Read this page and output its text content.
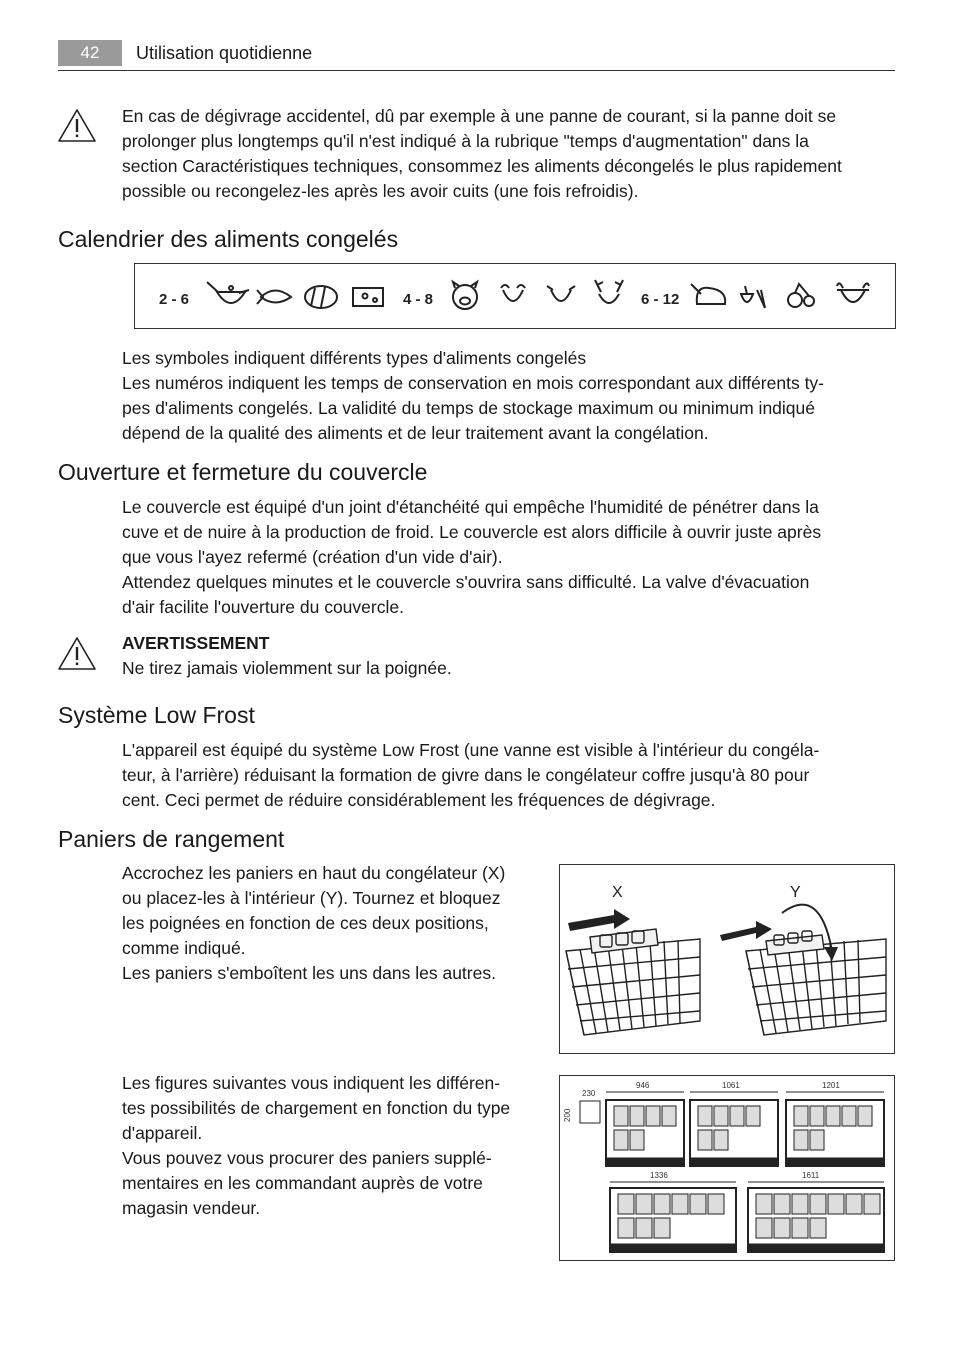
42	Utilisation quotidienne
En cas de dégivrage accidentel, dû par exemple à une panne de courant, si la panne doit se
prolonger plus longtemps qu'il n'est indiqué à la rubrique "temps d'augmentation" dans la
section Caractéristiques techniques, consommez les aliments décongelés le plus rapidement
possible ou recongelez-les après les avoir cuits (une fois refroidis).
Calendrier des aliments congelés
2 - 6	4 - 8	6 - 12
Les symboles indiquent différents types d'aliments congelés
Les numéros indiquent les temps de conservation en mois correspondant aux différents ty-
pes d'aliments congelés. La validité du temps de stockage maximum ou minimum indiqué
dépend de la qualité des aliments et de leur traitement avant la congélation.
Ouverture et fermeture du couvercle
Le couvercle est équipé d'un joint d'étanchéité qui empêche l'humidité de pénétrer dans la
cuve et de nuire à la production de froid. Le couvercle est alors difficile à ouvrir juste après
que vous l'ayez refermé (création d'un vide d'air).
Attendez quelques minutes et le couvercle s'ouvrira sans difficulté. La valve d'évacuation
d'air facilite l'ouverture du couvercle.
AVERTISSEMENT
Ne tirez jamais violemment sur la poignée.
Système Low Frost
L'appareil est équipé du système Low Frost (une vanne est visible à l'intérieur du congéla-
teur, à l'arrière) réduisant la formation de givre dans le congélateur coffre jusqu'à 80 pour
cent. Ceci permet de réduire considérablement les fréquences de dégivrage.
Paniers de rangement
Accrochez les paniers en haut du congélateur (X)
ou placez-les à l'intérieur (Y). Tournez et bloquez
les poignées en fonction de ces deux positions,
comme indiqué.
Les paniers s'emboîtent les uns dans les autres.
X	Y
Les figures suivantes vous indiquent les différen-
tes possibilités de chargement en fonction du type
d'appareil.
Vous pouvez vous procurer des paniers supplé-
mentaires en les commandant auprès de votre
magasin vendeur.
230
200
946	1061	1201
1336	1611
